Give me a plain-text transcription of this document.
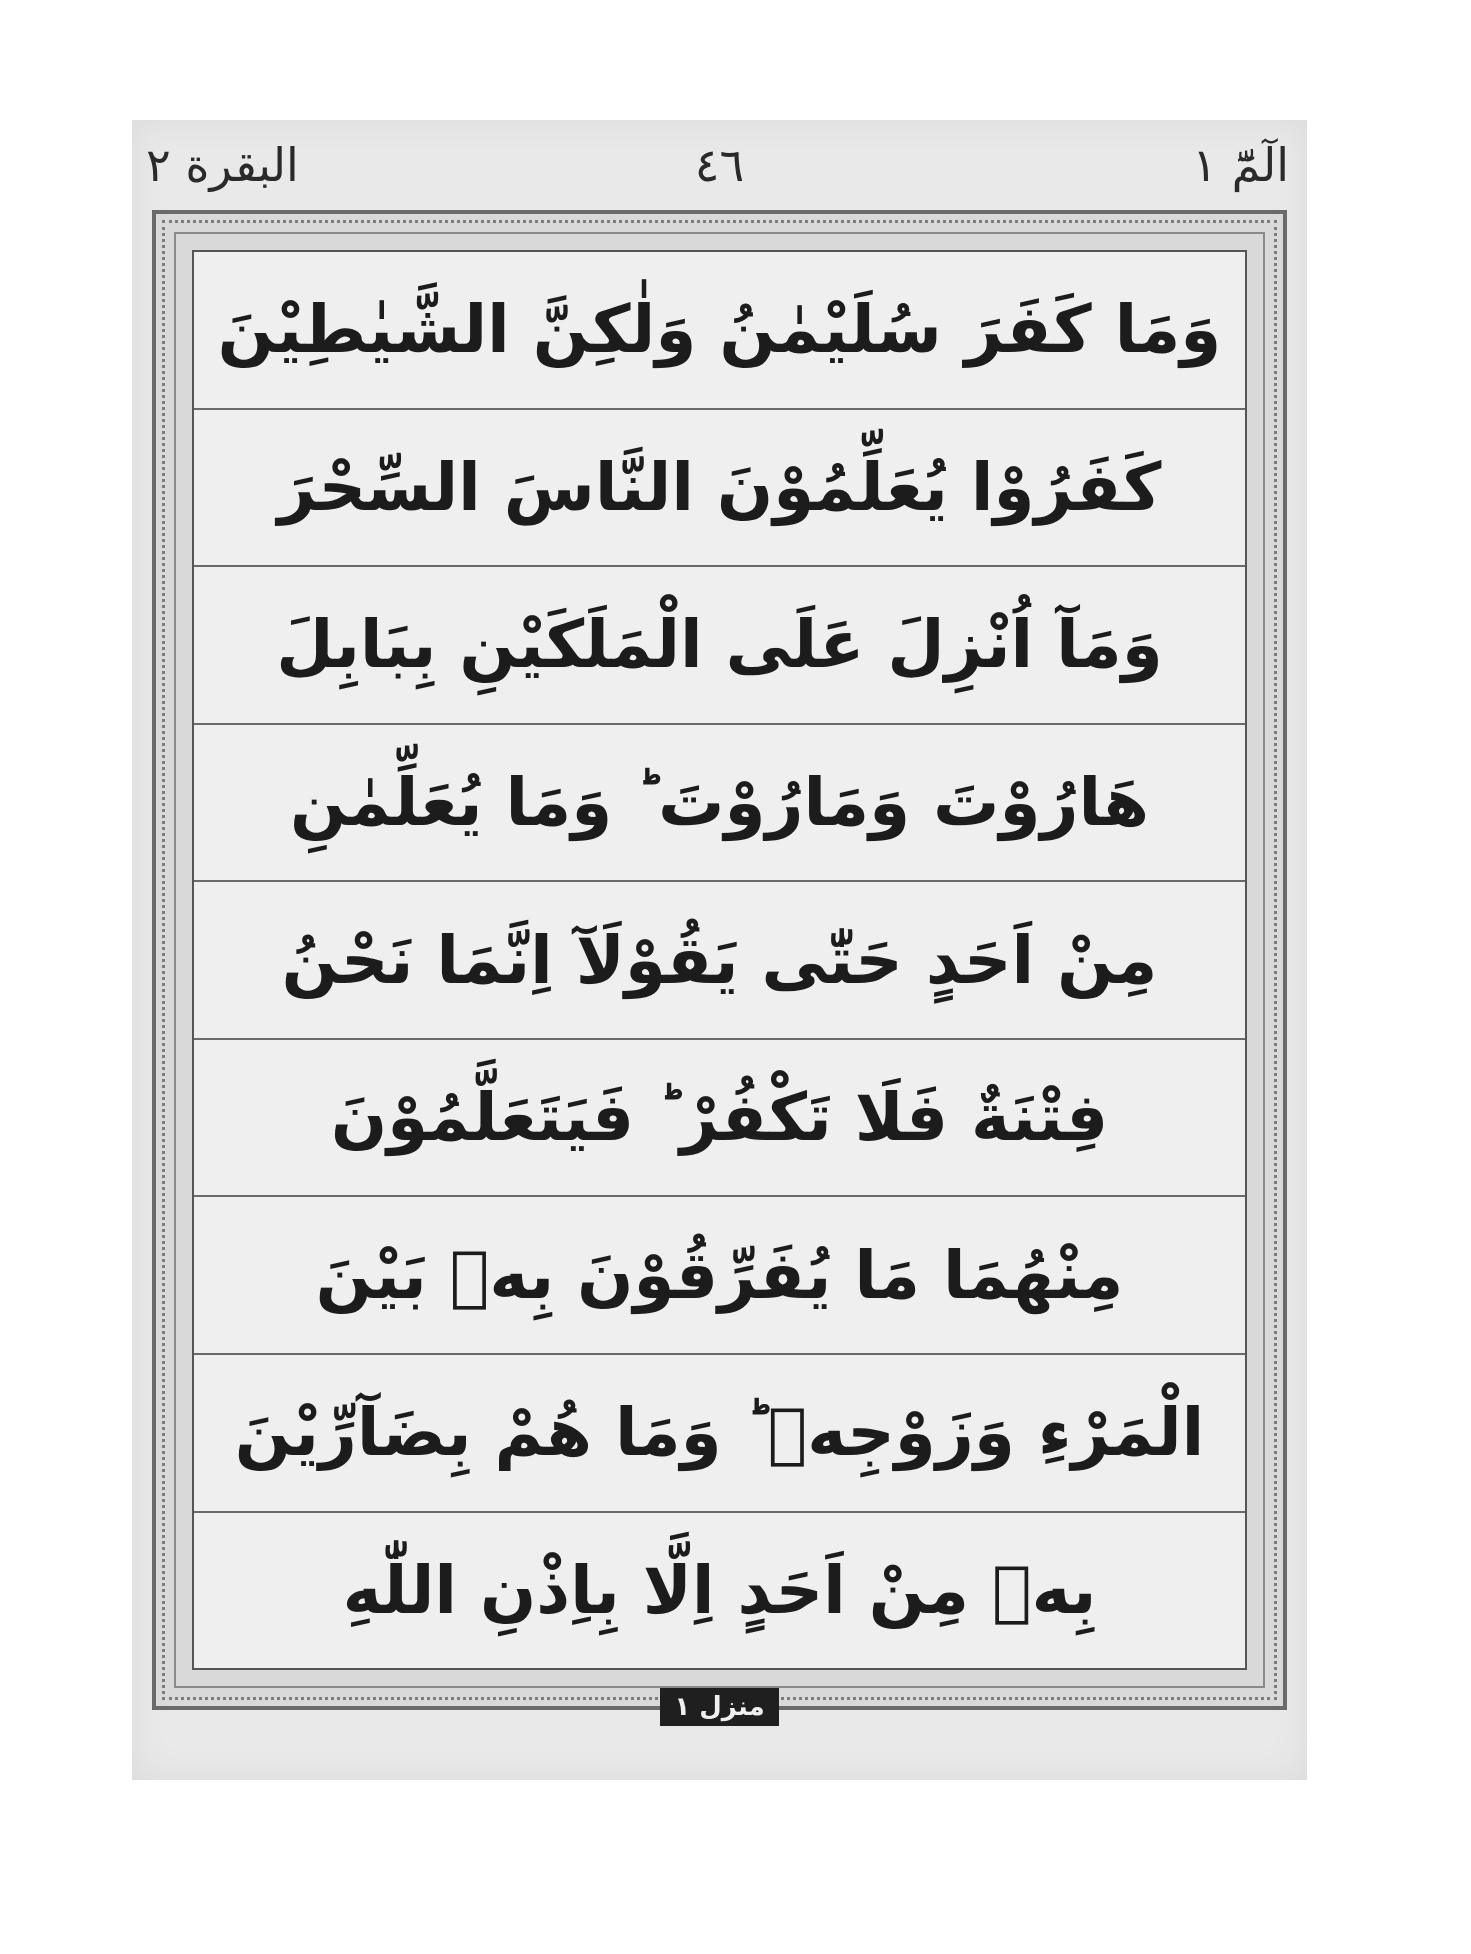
البقرة ٢	٤٦	الٓمّٓ ١
وَمَا كَفَرَ سُلَيْمٰنُ وَلٰكِنَّ الشَّيٰطِيْنَ
كَفَرُوْا يُعَلِّمُوْنَ النَّاسَ السِّحْرَ
وَمَآ اُنْزِلَ عَلَى الْمَلَكَيْنِ بِبَابِلَ
هَارُوْتَ وَمَارُوْتَ ؕ وَمَا يُعَلِّمٰنِ
مِنْ اَحَدٍ حَتّٰى يَقُوْلَآ اِنَّمَا نَحْنُ
فِتْنَةٌ فَلَا تَكْفُرْ ؕ فَيَتَعَلَّمُوْنَ
مِنْهُمَا مَا يُفَرِّقُوْنَ بِهٖ بَيْنَ
الْمَرْءِ وَزَوْجِهٖ ؕ وَمَا هُمْ بِضَآرِّيْنَ
بِهٖ مِنْ اَحَدٍ اِلَّا بِاِذْنِ اللّٰهِ
منزل ١
